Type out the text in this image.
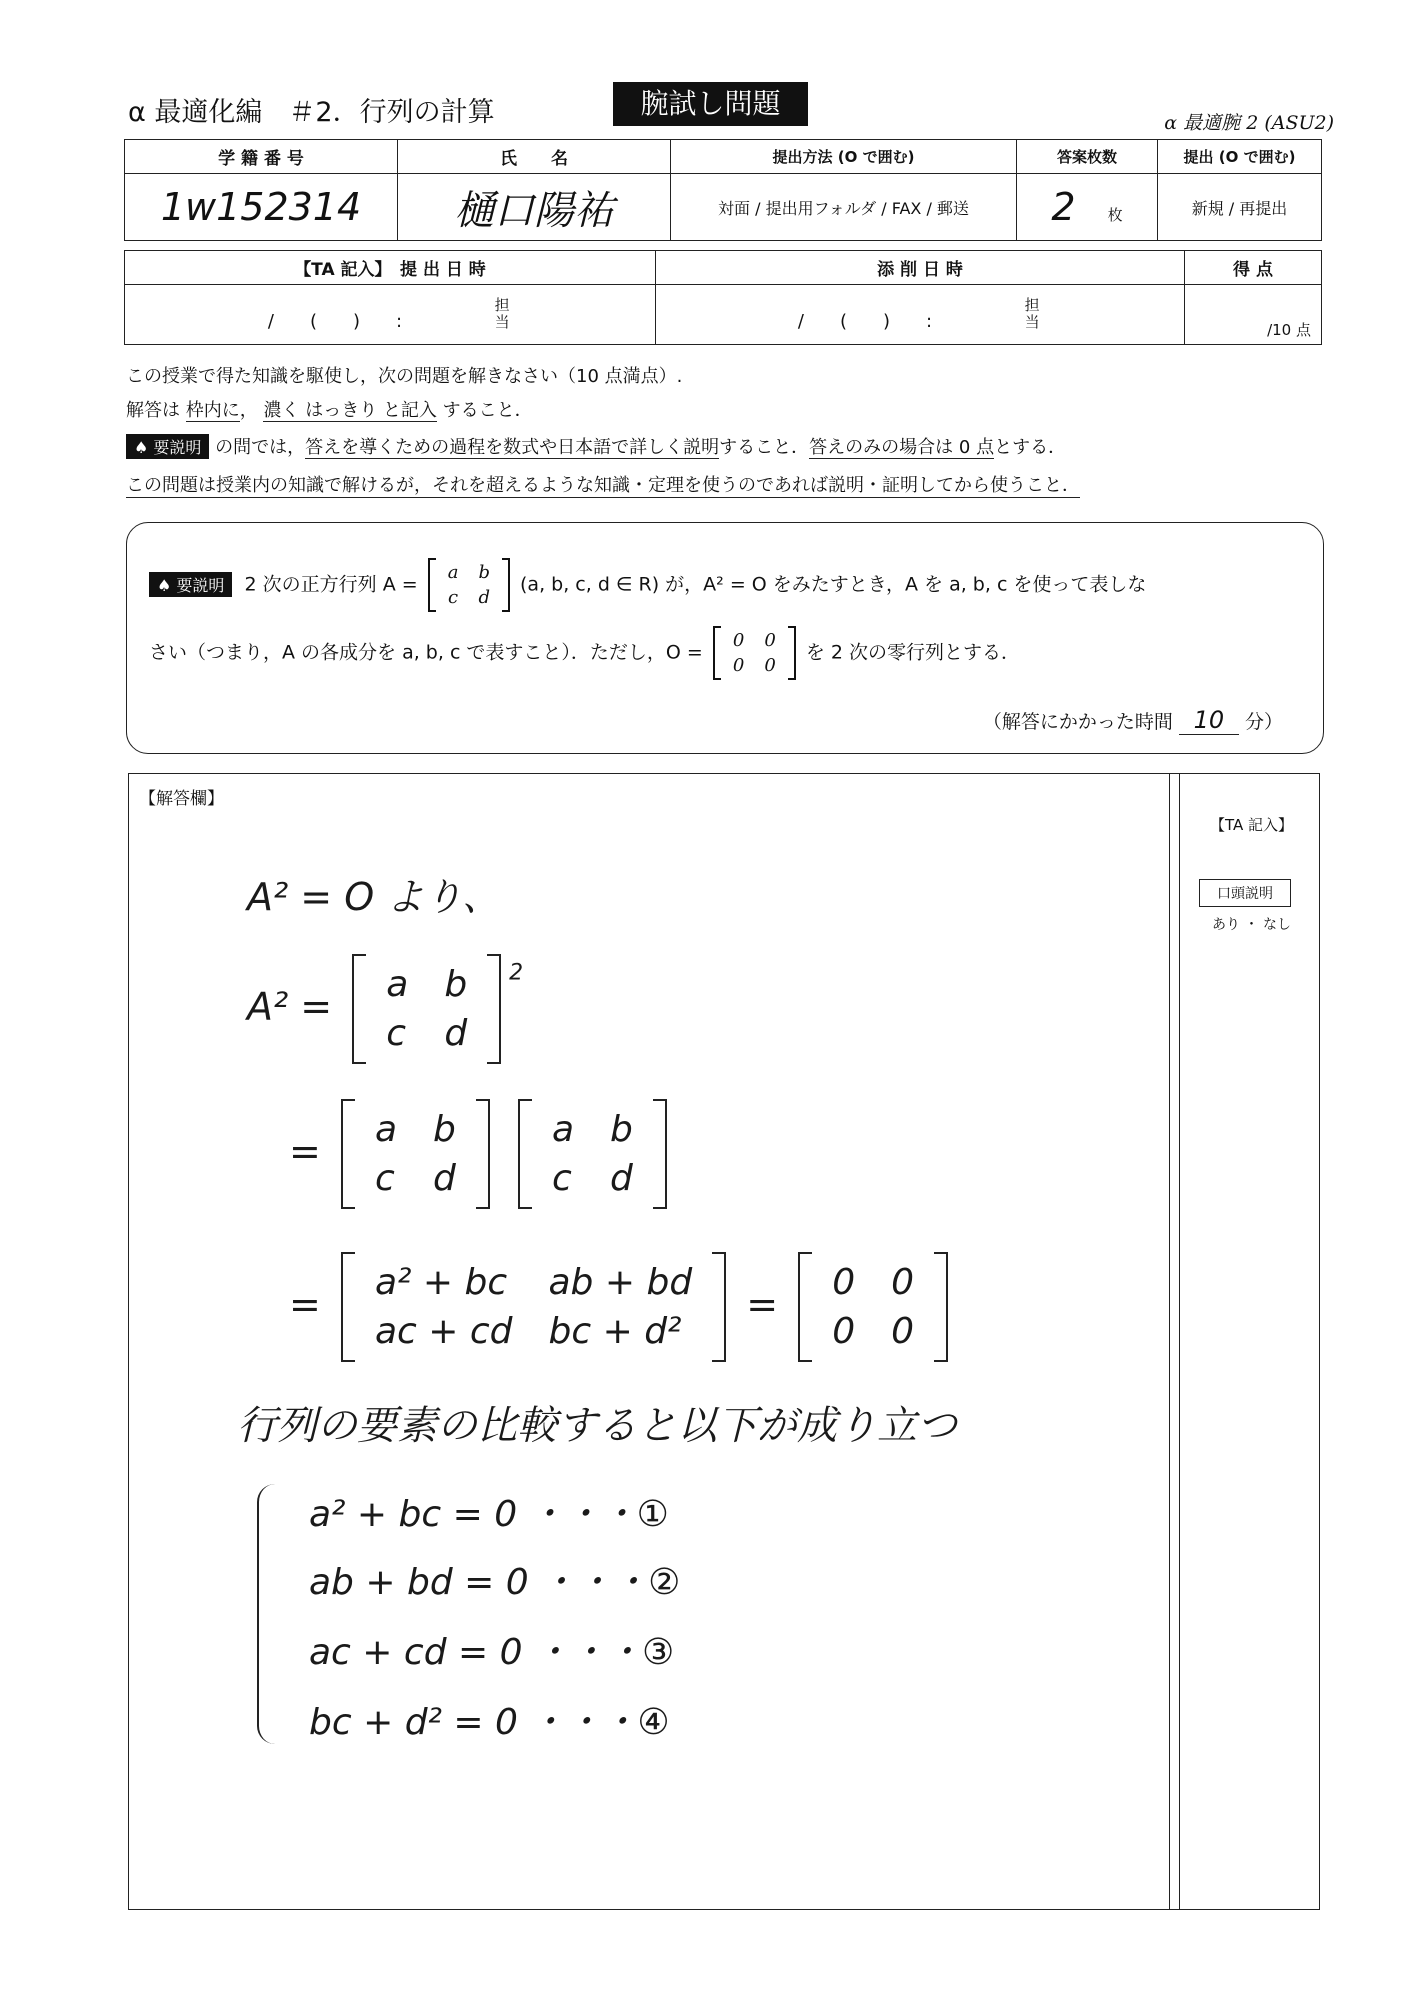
α 最適化編 ＃2．行列の計算	腕試し問題
α 最適腕 2 (ASU2)
学 籍 番 号	氏　　名	提出方法 (O で囲む)	答案枚数	提出 (O で囲む)
1w152314	樋口陽祐	対面 / 提出用フォルダ / FAX / 郵送	2　　 枚	新規 / 再提出
【TA 記入】　提 出 日 時	添 削 日 時	得 点
/　　(　　)　　:　　　　　担当	/　　(　　)　　:　　　　　担当	/10 点
この授業で得た知識を駆使し，次の問題を解きなさい（10 点満点）.
解答は 枠内に， 濃く はっきり と記入 すること．
♠ 要説明 の問では，答えを導くための過程を数式や日本語で詳しく説明すること．答えのみの場合は 0 点とする．
この問題は授業内の知識で解けるが，それを超えるような知識・定理を使うのであれば説明・証明してから使うこと．
♠ 要説明 2 次の正方行列 A =
a	b
c	d
(a, b, c, d ∈ R) が，A² = O をみたすとき，A を a, b, c を使って表しな
さい（つまり，A の各成分を a, b, c で表すこと）．ただし，O =
0	0
0	0
を 2 次の零行列とする．
（解答にかかった時間 10 分）
【解答欄】
【TA 記入】
口頭説明
あり ・ なし
A² = O より、
A² = a	b
c	d
$^2$
= a	b
c	d

a	b
c	d
= a² + bc	ab + bd
ac + cd	bc + d²
= 0	0
0	0
行列の要素の比較すると以下が成り立つ
a² + bc = 0 ・・・①
ab + bd = 0 ・・・②
ac + cd = 0 ・・・③
bc + d² = 0 ・・・④
